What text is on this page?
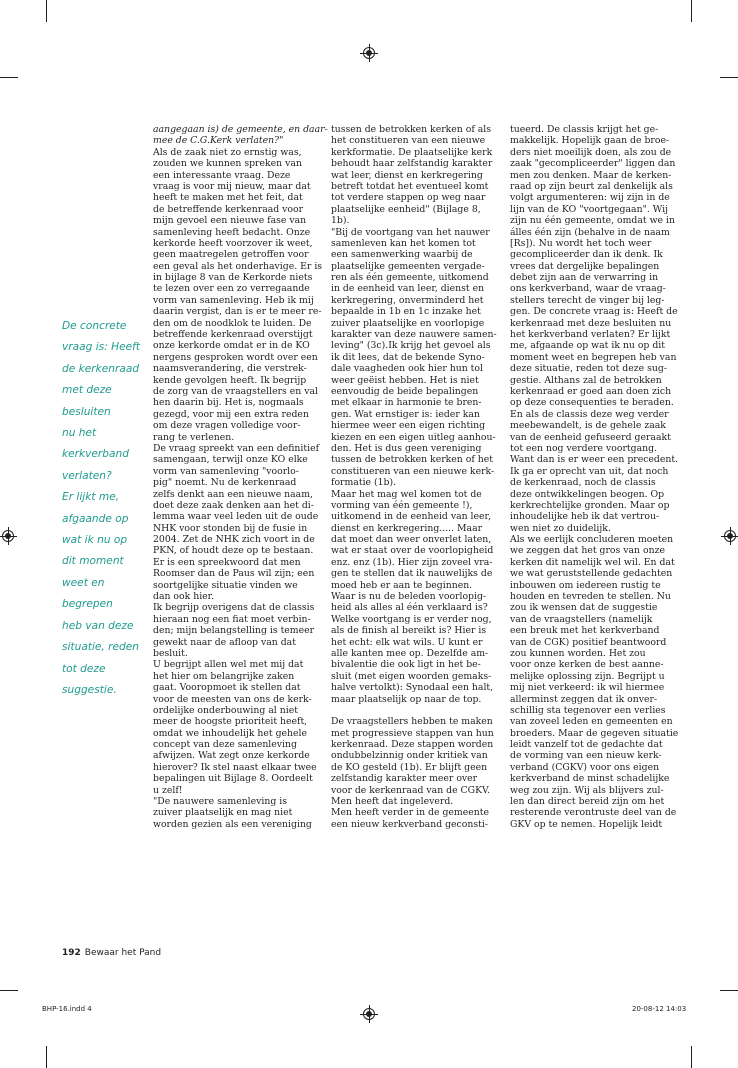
De concrete
vraag is: Heeft
de kerkenraad
met deze
besluiten
nu het
kerkverband
verlaten?
Er lijkt me,
afgaande op
wat ik nu op
dit moment
weet en
begrepen
heb van deze
situatie, reden
tot deze
suggestie.
aangegaan is) de gemeente, en daar-
mee de C.G.Kerk verlaten?"
Als de zaak niet zo ernstig was,
zouden we kunnen spreken van
een interessante vraag. Deze
vraag is voor mij nieuw, maar dat
heeft te maken met het feit, dat
de betreffende kerkenraad voor
mijn gevoel een nieuwe fase van
samenleving heeft bedacht. Onze
kerkorde heeft voorzover ik weet,
geen maatregelen getroffen voor
een geval als het onderhavige. Er is
in bijlage 8 van de Kerkorde niets
te lezen over een zo verregaande
vorm van samenleving. Heb ik mij
daarin vergist, dan is er te meer re-
den om de noodklok te luiden. De
betreffende kerkenraad overstijgt
onze kerkorde omdat er in de KO
nergens gesproken wordt over een
naamsverandering, die verstrek-
kende gevolgen heeft. Ik begrijp
de zorg van de vraagstellers en val
hen daarin bij. Het is, nogmaals
gezegd, voor mij een extra reden
om deze vragen volledige voor-
rang te verlenen.
De vraag spreekt van een definitief
samengaan, terwijl onze KO elke
vorm van samenleving "voorlo-
pig" noemt. Nu de kerkenraad
zelfs denkt aan een nieuwe naam,
doet deze zaak denken aan het di-
lemma waar veel leden uit de oude
NHK voor stonden bij de fusie in
2004. Zet de NHK zich voort in de
PKN, of houdt deze op te bestaan.
Er is een spreekwoord dat men
Roomser dan de Paus wil zijn; een
soortgelijke situatie vinden we
dan ook hier.
Ik begrijp overigens dat de classis
hieraan nog een fiat moet verbin-
den; mijn belangstelling is temeer
gewekt naar de afloop van dat
besluit.
U begrijpt allen wel met mij dat
het hier om belangrijke zaken
gaat. Vooropmoet ik stellen dat
voor de meesten van ons de kerk-
ordelijke onderbouwing al niet
meer de hoogste prioriteit heeft,
omdat we inhoudelijk het gehele
concept van deze samenleving
afwijzen. Wat zegt onze kerkorde
hierover? Ik stel naast elkaar twee
bepalingen uit Bijlage 8. Oordeelt
u zelf!
"De nauwere samenleving is
zuiver plaatselijk en mag niet
worden gezien als een vereniging
tussen de betrokken kerken of als
het constitueren van een nieuwe
kerkformatie. De plaatselijke kerk
behoudt haar zelfstandig karakter
wat leer, dienst en kerkregering
betreft totdat het eventueel komt
tot verdere stappen op weg naar
plaatselijke eenheid" (Bijlage 8,
1b).
"Bij de voortgang van het nauwer
samenleven kan het komen tot
een samenwerking waarbij de
plaatselijke gemeenten vergade-
ren als één gemeente, uitkomend
in de eenheid van leer, dienst en
kerkregering, onverminderd het
bepaalde in 1b en 1c inzake het
zuiver plaatselijke en voorlopige
karakter van deze nauwere samen-
leving" (3c).Ik krijg het gevoel als
ik dit lees, dat de bekende Syno-
dale vaagheden ook hier hun tol
weer geëist hebben. Het is niet
eenvoudig de beide bepalingen
met elkaar in harmonie te bren-
gen. Wat ernstiger is: ieder kan
hiermee weer een eigen richting
kiezen en een eigen uitleg aanhou-
den. Het is dus geen vereniging
tussen de betrokken kerken of het
constitueren van een nieuwe kerk-
formatie (1b).
Maar het mag wel komen tot de
vorming van één gemeente !),
uitkomend in de eenheid van leer,
dienst en kerkregering..... Maar
dat moet dan weer onverlet laten,
wat er staat over de voorlopigheid
enz. enz (1b). Hier zijn zoveel vra-
gen te stellen dat ik nauwelijks de
moed heb er aan te beginnen.
Waar is nu de beleden voorlopig-
heid als alles al één verklaard is?
Welke voortgang is er verder nog,
als de finish al bereikt is? Hier is
het echt: elk wat wils. U kunt er
alle kanten mee op. Dezelfde am-
bivalentie die ook ligt in het be-
sluit (met eigen woorden gemaks-
halve vertolkt): Synodaal een halt,
maar plaatselijk op naar de top.
De vraagstellers hebben te maken
met progressieve stappen van hun
kerkenraad. Deze stappen worden
ondubbelzinnig onder kritiek van
de KO gesteld (1b). Er blijft geen
zelfstandig karakter meer over
voor de kerkenraad van de CGKV.
Men heeft dat ingeleverd.
Men heeft verder in de gemeente
een nieuw kerkverband geconsti-
tueerd. De classis krijgt het ge-
makkelijk. Hopelijk gaan de broe-
ders niet moeilijk doen, als zou de
zaak "gecompliceerder" liggen dan
men zou denken. Maar de kerken-
raad op zijn beurt zal denkelijk als
volgt argumenteren: wij zijn in de
lijn van de KO "voortgegaan". Wij
zijn nu één gemeente, omdat we in
álles één zijn (behalve in de naam
[Rs]). Nu wordt het toch weer
gecompliceerder dan ik denk. Ik
vrees dat dergelijke bepalingen
debet zijn aan de verwarring in
ons kerkverband, waar de vraag-
stellers terecht de vinger bij leg-
gen. De concrete vraag is: Heeft de
kerkenraad met deze besluiten nu
het kerkverband verlaten? Er lijkt
me, afgaande op wat ik nu op dit
moment weet en begrepen heb van
deze situatie, reden tot deze sug-
gestie. Althans zal de betrokken
kerkenraad er goed aan doen zich
op deze consequenties te beraden.
En als de classis deze weg verder
meebewandelt, is de gehele zaak
van de eenheid gefuseerd geraakt
tot een nog verdere voortgang.
Want dan is er weer een precedent.
Ik ga er oprecht van uit, dat noch
de kerkenraad, noch de classis
deze ontwikkelingen beogen. Op
kerkrechtelijke gronden. Maar op
inhoudelijke heb ik dat vertrou-
wen niet zo duidelijk.
Als we eerlijk concluderen moeten
we zeggen dat het gros van onze
kerken dit namelijk wel wil. En dat
we wat geruststellende gedachten
inbouwen om iedereen rustig te
houden en tevreden te stellen. Nu
zou ik wensen dat de suggestie
van de vraagstellers (namelijk
een breuk met het kerkverband
van de CGK) positief beantwoord
zou kunnen worden. Het zou
voor onze kerken de best aanne-
melijke oplossing zijn. Begrijpt u
mij niet verkeerd: ik wil hiermee
allerminst zeggen dat ik onver-
schillig sta tegenover een verlies
van zoveel leden en gemeenten en
broeders. Maar de gegeven situatie
leidt vanzelf tot de gedachte dat
de vorming van een nieuw kerk-
verband (CGKV) voor ons eigen
kerkverband de minst schadelijke
weg zou zijn. Wij als blijvers zul-
len dan direct bereid zijn om het
resterende verontruste deel van de
GKV op te nemen. Hopelijk leidt
192 Bewaar het Pand
BHP-16.indd 4	20-08-12 14:03
